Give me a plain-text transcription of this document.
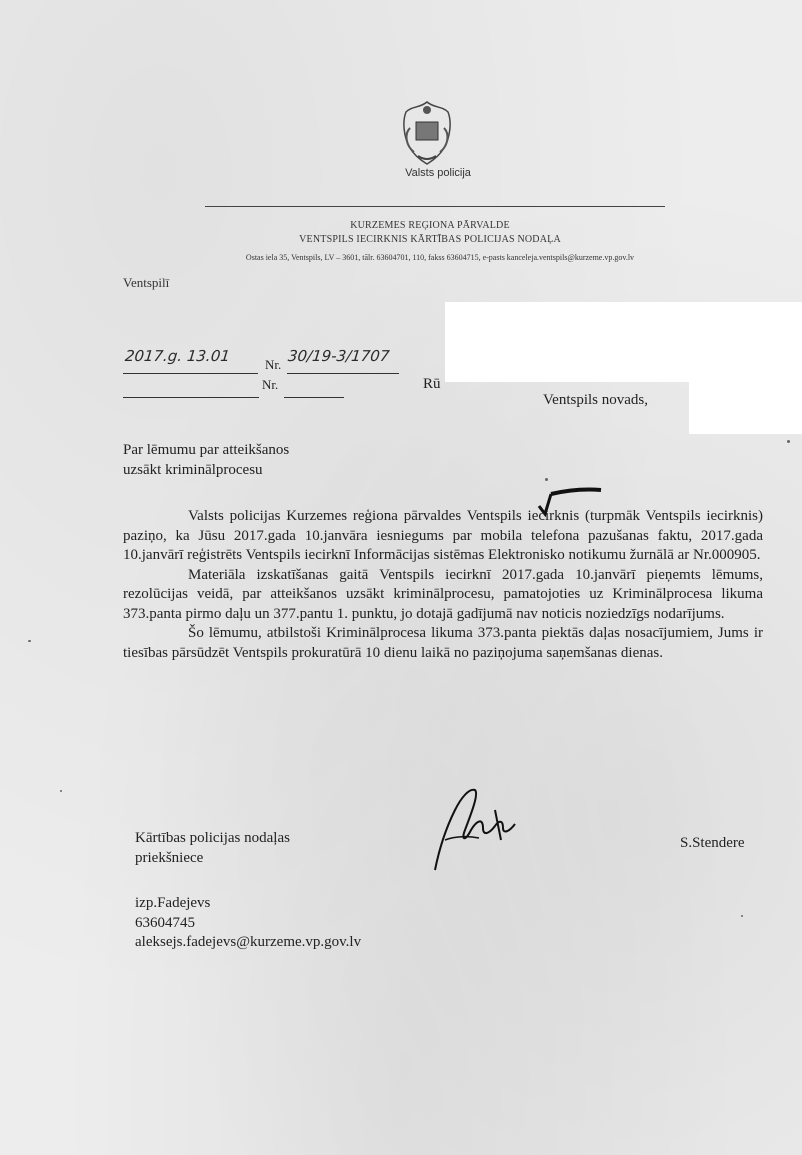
Valsts policija
KURZEMES REĢIONA PĀRVALDE
VENTSPILS IECIRKNIS KĀRTĪBAS POLICIJAS NODAĻA
Ostas iela 35, Ventspils, LV – 3601, tālr. 63604701, 110, fakss 63604715, e-pasts kanceleja.ventspils@kurzeme.vp.gov.lv
Ventspilī
2017.g. 13.01	Nr. 30/19-3/1707
Nr.	Rū
Ventspils novads,
Par lēmumu par atteikšanos
uzsākt kriminālprocesu

Valsts policijas Kurzemes reģiona pārvaldes Ventspils iecirknis (turpmāk Ventspils iecirknis) paziņo, ka Jūsu 2017.gada 10.janvāra iesniegums par mobila telefona pazušanas faktu, 2017.gada 10.janvārī reģistrēts Ventspils iecirknī Informācijas sistēmas Elektronisko notikumu žurnālā ar Nr.000905.

Materiāla izskatīšanas gaitā Ventspils iecirknī 2017.gada 10.janvārī pieņemts lēmums, rezolūcijas veidā, par atteikšanos uzsākt kriminālprocesu, pamatojoties uz Kriminālprocesa likuma 373.panta pirmo daļu un 377.pantu 1. punktu, jo dotajā gadījumā nav noticis noziedzīgs nodarījums.

Šo lēmumu, atbilstoši Kriminālprocesa likuma 373.panta piektās daļas nosacījumiem, Jums ir tiesības pārsūdzēt Ventspils prokuratūrā 10 dienu laikā no paziņojuma saņemšanas dienas.

Kārtības policijas nodaļas
priekšniece
S.Stendere
izp.Fadejevs
63604745
aleksejs.fadejevs@kurzeme.vp.gov.lv
